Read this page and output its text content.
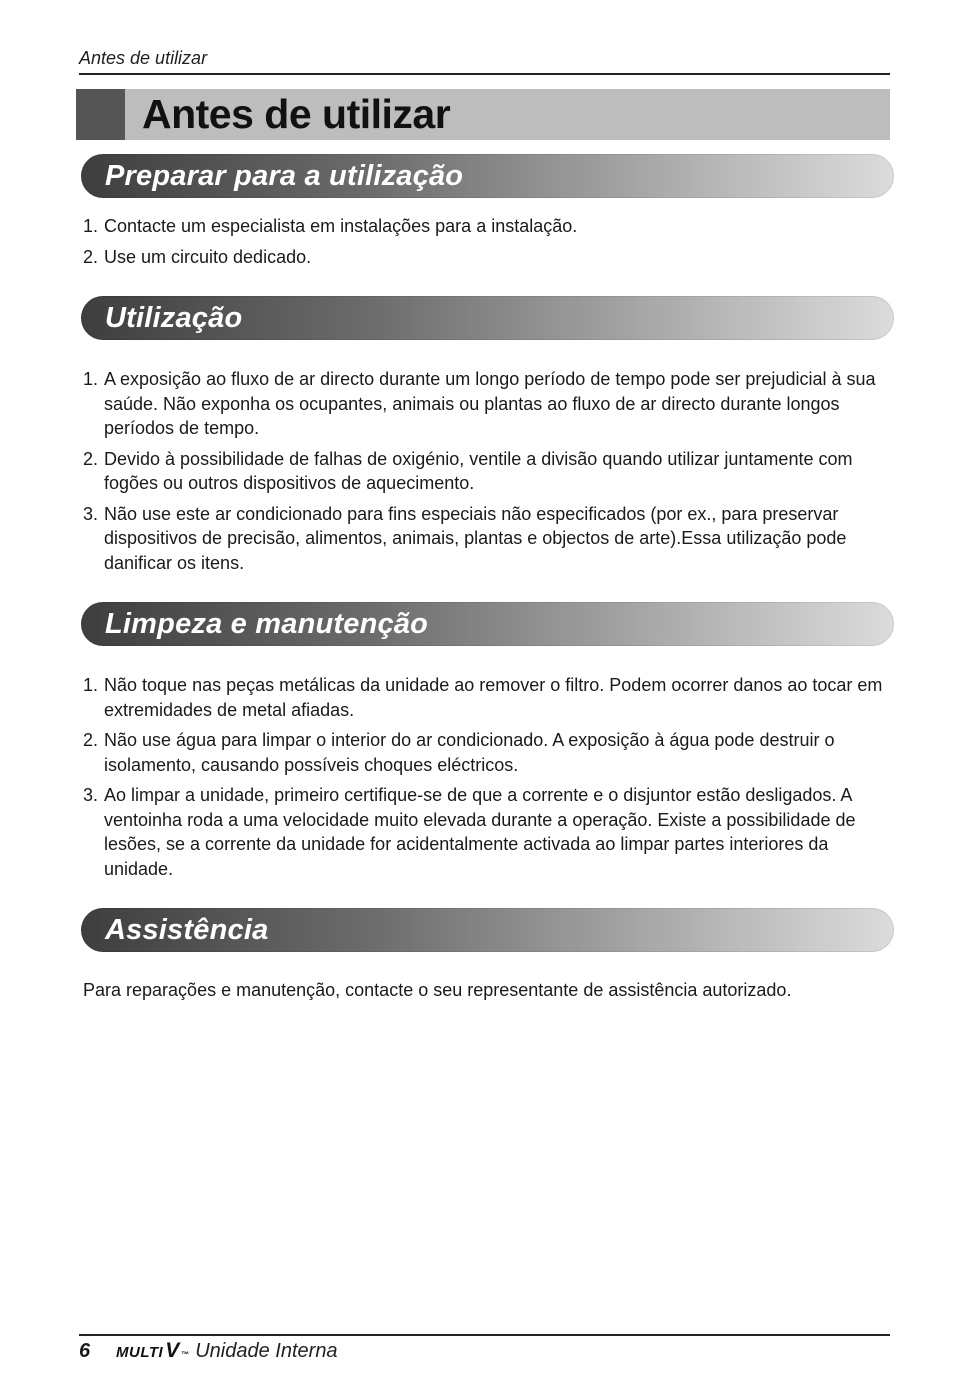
Antes de utilizar
Antes de utilizar
Preparar para a utilização
1. Contacte um especialista em instalações para a instalação.
2. Use um circuito dedicado.
Utilização
1. A exposição ao fluxo de ar directo durante um longo período de tempo pode ser prejudicial à sua saúde. Não exponha os ocupantes, animais ou plantas ao fluxo de ar directo durante longos períodos de tempo.
2. Devido à possibilidade de falhas de oxigénio, ventile a divisão quando utilizar juntamente com fogões ou outros dispositivos de aquecimento.
3. Não use este ar condicionado para fins especiais não especificados (por ex., para preservar dispositivos de precisão, alimentos, animais, plantas e objectos de arte).Essa utilização pode danificar os itens.
Limpeza e manutenção
1. Não toque nas peças metálicas da unidade ao remover o filtro. Podem ocorrer danos ao tocar em extremidades de metal afiadas.
2. Não use água para limpar o interior do ar condicionado. A exposição à água pode destruir o isolamento, causando possíveis choques eléctricos.
3. Ao limpar a unidade, primeiro certifique-se de que a corrente e o disjuntor estão desligados. A ventoinha roda a uma velocidade muito elevada durante a operação. Existe a possibilidade de lesões, se a corrente da unidade for acidentalmente activada ao limpar partes interiores da unidade.
Assistência
Para reparações e manutenção, contacte o seu representante de assistência autorizado.
6	MULTI V ™ Unidade Interna
